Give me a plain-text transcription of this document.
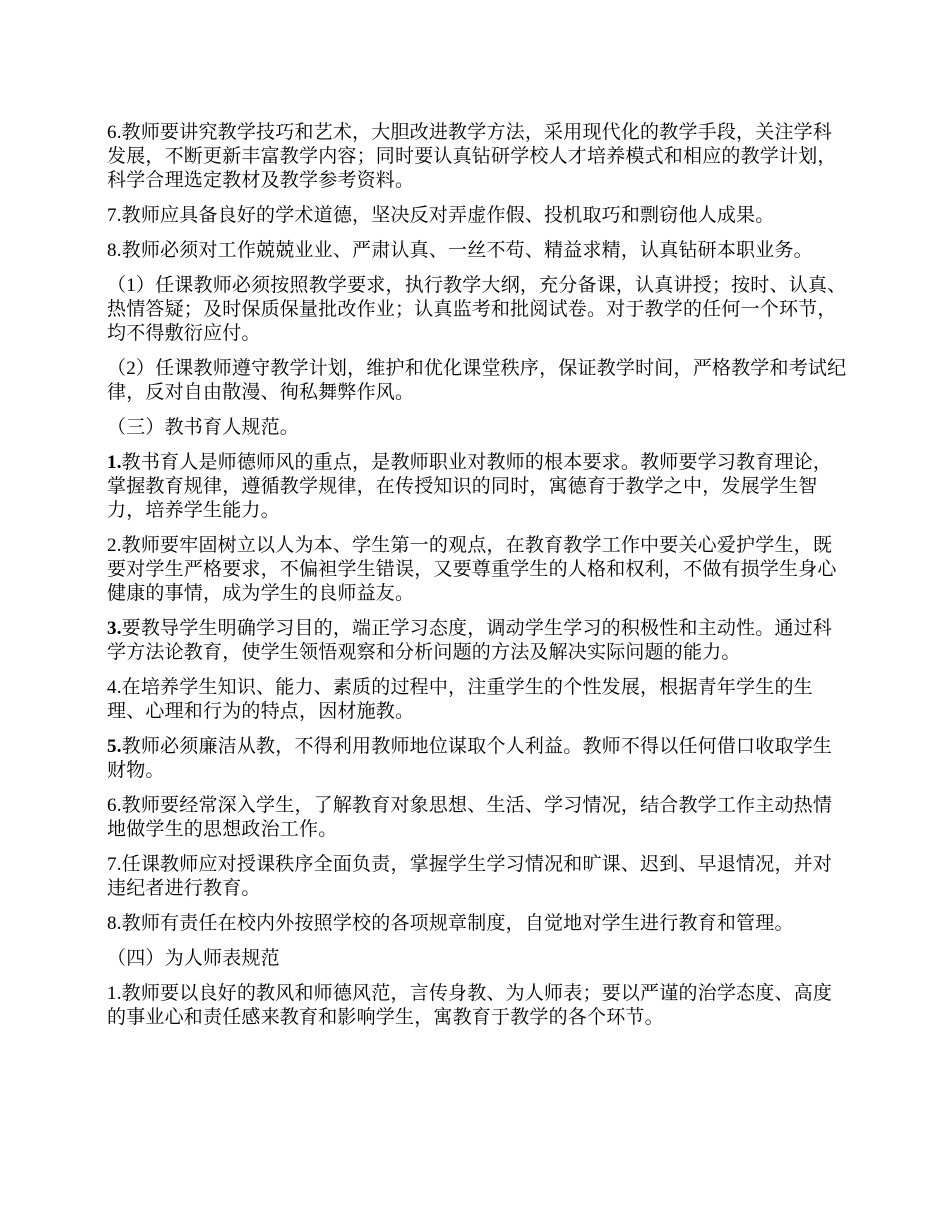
6.教师要讲究教学技巧和艺术，大胆改进教学方法，采用现代化的教学手段，关注学科发展，不断更新丰富教学内容；同时要认真钻研学校人才培养模式和相应的教学计划，科学合理选定教材及教学参考资料。

7.教师应具备良好的学术道德，坚决反对弄虚作假、投机取巧和剽窃他人成果。

8.教师必须对工作兢兢业业、严肃认真、一丝不苟、精益求精，认真钻研本职业务。

（1）任课教师必须按照教学要求，执行教学大纲，充分备课，认真讲授；按时、认真、热情答疑；及时保质保量批改作业；认真监考和批阅试卷。对于教学的任何一个环节，均不得敷衍应付。

（2）任课教师遵守教学计划，维护和优化课堂秩序，保证教学时间，严格教学和考试纪律，反对自由散漫、徇私舞弊作风。

（三）教书育人规范。

1.教书育人是师德师风的重点，是教师职业对教师的根本要求。教师要学习教育理论，掌握教育规律，遵循教学规律，在传授知识的同时，寓德育于教学之中，发展学生智力，培养学生能力。

2.教师要牢固树立以人为本、学生第一的观点，在教育教学工作中要关心爱护学生，既要对学生严格要求，不偏袒学生错误，又要尊重学生的人格和权利，不做有损学生身心健康的事情，成为学生的良师益友。

3.要教导学生明确学习目的，端正学习态度，调动学生学习的积极性和主动性。通过科学方法论教育，使学生领悟观察和分析问题的方法及解决实际问题的能力。

4.在培养学生知识、能力、素质的过程中，注重学生的个性发展，根据青年学生的生理、心理和行为的特点，因材施教。

5.教师必须廉洁从教，不得利用教师地位谋取个人利益。教师不得以任何借口收取学生财物。

6.教师要经常深入学生，了解教育对象思想、生活、学习情况，结合教学工作主动热情地做学生的思想政治工作。

7.任课教师应对授课秩序全面负责，掌握学生学习情况和旷课、迟到、早退情况，并对违纪者进行教育。

8.教师有责任在校内外按照学校的各项规章制度，自觉地对学生进行教育和管理。

（四）为人师表规范

1.教师要以良好的教风和师德风范，言传身教、为人师表；要以严谨的治学态度、高度的事业心和责任感来教育和影响学生，寓教育于教学的各个环节。
